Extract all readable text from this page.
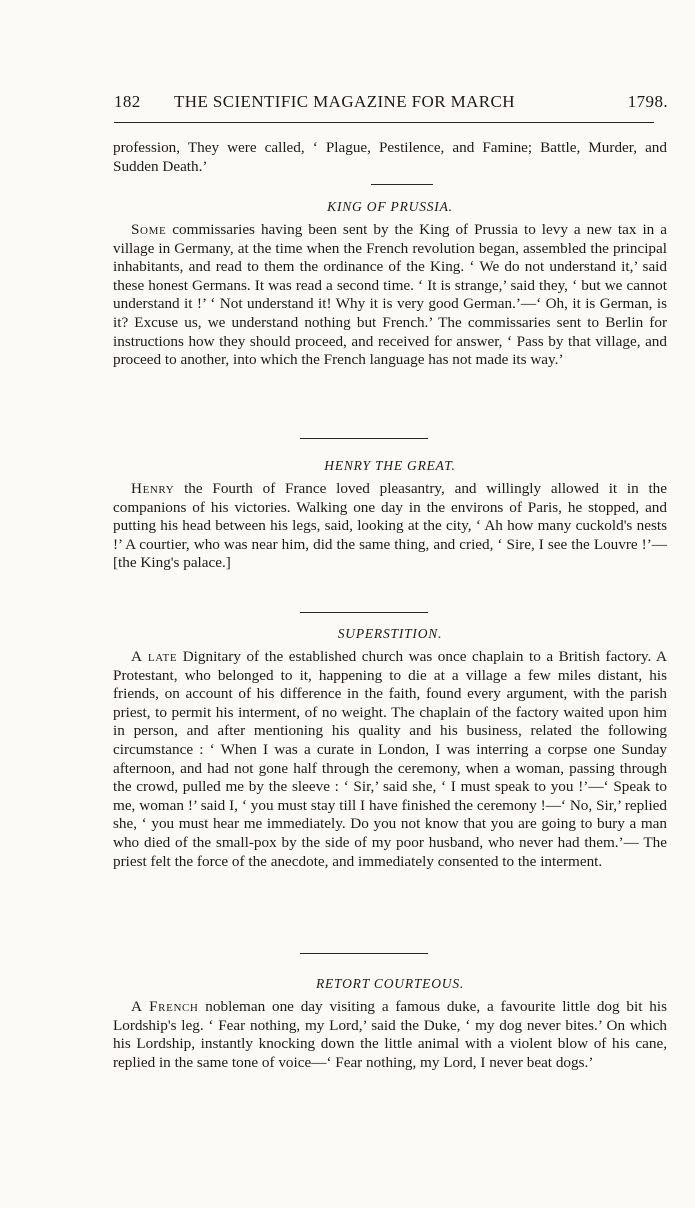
182 THE SCIENTIFIC MAGAZINE FOR MARCH	1798.

profession, They were called, ‘ Plague, Pestilence, and Famine; Battle, Murder, and Sudden Death.’

KING OF PRUSSIA.

Some commissaries having been sent by the King of Prussia to levy a new tax in a village in Germany, at the time when the French revolution began, assembled the principal inhabitants, and read to them the ordinance of the King. ‘ We do not understand it,’ said these honest Germans. It was read a second time. ‘ It is strange,’ said they, ‘ but we cannot understand it !’ ‘ Not understand it! Why it is very good German.’—‘ Oh, it is German, is it? Excuse us, we understand nothing but French.’ The commissaries sent to Berlin for instructions how they should proceed, and received for answer, ‘ Pass by that village, and proceed to another, into which the French language has not made its way.’

HENRY THE GREAT.

Henry the Fourth of France loved pleasantry, and willingly allowed it in the companions of his victories. Walking one day in the environs of Paris, he stopped, and putting his head between his legs, said, looking at the city, ‘ Ah how many cuckold's nests !’ A courtier, who was near him, did the same thing, and cried, ‘ Sire, I see the Louvre !’—[the King's palace.]

SUPERSTITION.

A late Dignitary of the established church was once chaplain to a British factory. A Protestant, who belonged to it, happening to die at a village a few miles distant, his friends, on account of his difference in the faith, found every argument, with the parish priest, to permit his interment, of no weight. The chaplain of the factory waited upon him in person, and after mentioning his quality and his business, related the following circumstance : ‘ When I was a curate in London, I was interring a corpse one Sunday afternoon, and had not gone half through the ceremony, when a woman, passing through the crowd, pulled me by the sleeve : ‘ Sir,’ said she, ‘ I must speak to you !’—‘ Speak to me, woman !’ said I, ‘ you must stay till I have finished the ceremony !—‘ No, Sir,’ replied she, ‘ you must hear me immediately. Do you not know that you are going to bury a man who died of the small-pox by the side of my poor husband, who never had them.’— The priest felt the force of the anecdote, and immediately consented to the interment.

RETORT COURTEOUS.

A French nobleman one day visiting a famous duke, a favourite little dog bit his Lordship's leg. ‘ Fear nothing, my Lord,’ said the Duke, ‘ my dog never bites.’ On which his Lordship, instantly knocking down the little animal with a violent blow of his cane, replied in the same tone of voice—‘ Fear nothing, my Lord, I never beat dogs.’
